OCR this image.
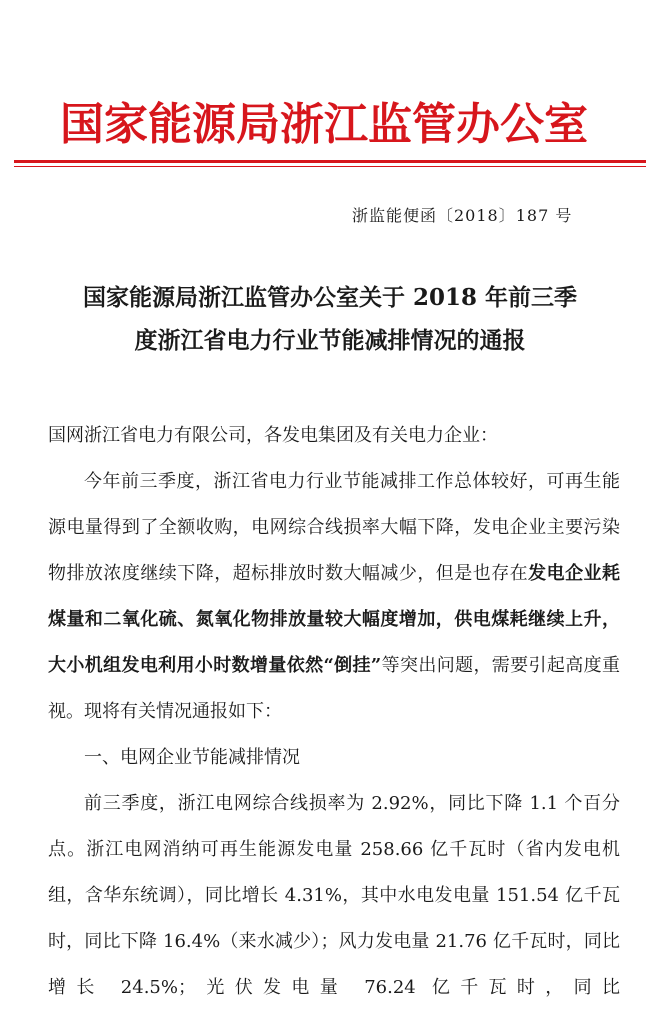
国家能源局浙江监管办公室
浙监能便函〔2018〕187 号
国家能源局浙江监管办公室关于 2018 年前三季
度浙江省电力行业节能减排情况的通报

国网浙江省电力有限公司，各发电集团及有关电力企业：

今年前三季度，浙江省电力行业节能减排工作总体较好，可再生能源电量得到了全额收购，电网综合线损率大幅下降，发电企业主要污染物排放浓度继续下降，超标排放时数大幅减少，但是也存在发电企业耗煤量和二氧化硫、氮氧化物排放量较大幅度增加，供电煤耗继续上升，大小机组发电利用小时数增量依然“倒挂”等突出问题，需要引起高度重视。现将有关情况通报如下：

一、电网企业节能减排情况

前三季度，浙江电网综合线损率为 2.92%，同比下降 1.1 个百分点。浙江电网消纳可再生能源发电量 258.66 亿千瓦时（省内发电机组，含华东统调），同比增长 4.31%，其中水电发电量 151.54 亿千瓦时，同比下降 16.4%（来水减少）；风力发电量 21.76 亿千瓦时，同比增长 24.5%；光伏发电量 76.24 亿千瓦时，同比
